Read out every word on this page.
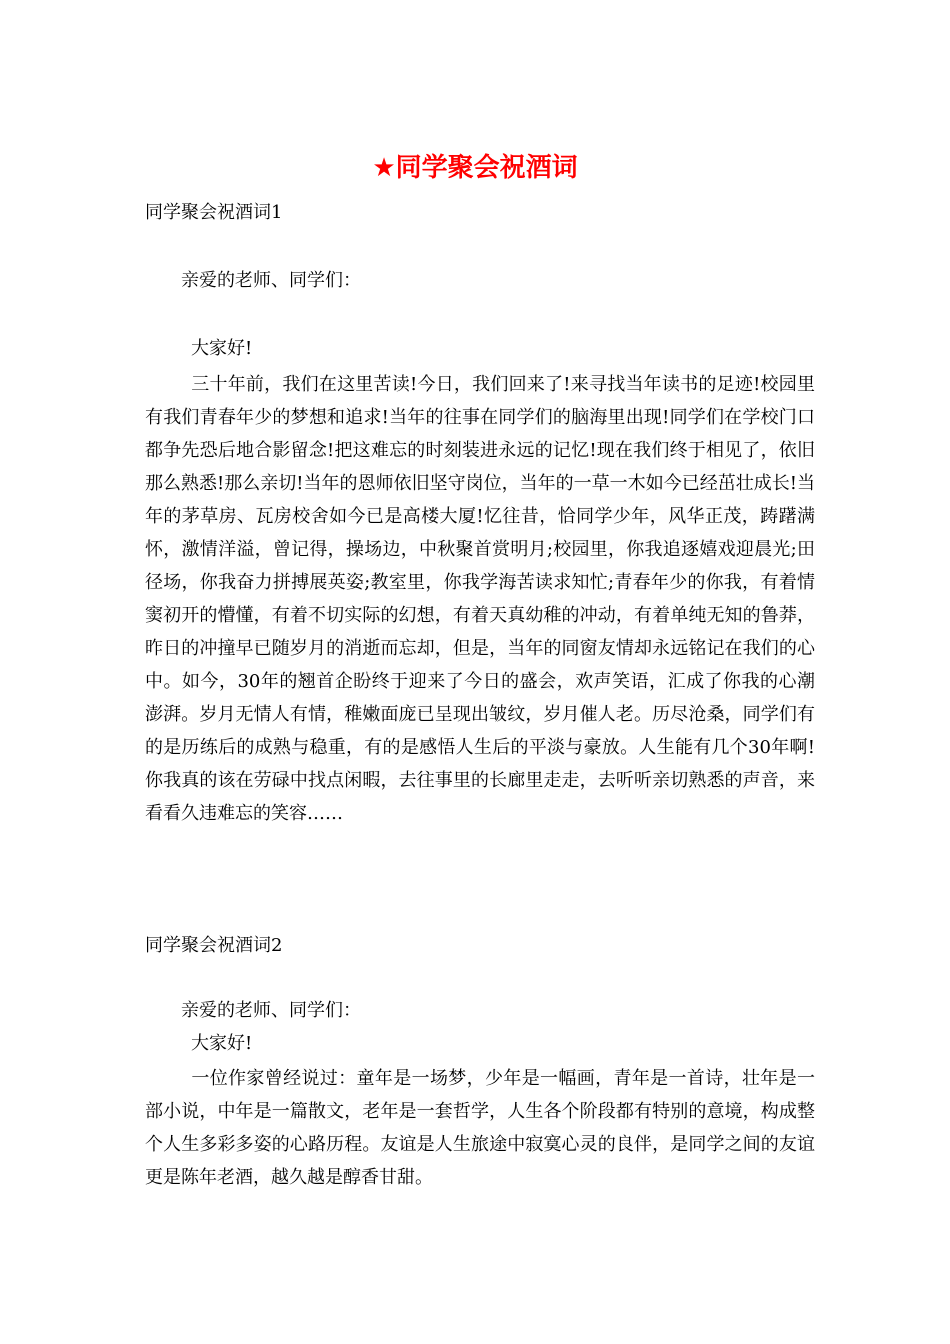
★同学聚会祝酒词
同学聚会祝酒词1
亲爱的老师、同学们：
大家好!
三十年前，我们在这里苦读!今日，我们回来了!来寻找当年读书的足迹!校园里有我们青春年少的梦想和追求!当年的往事在同学们的脑海里出现!同学们在学校门口都争先恐后地合影留念!把这难忘的时刻装进永远的记忆!现在我们终于相见了，依旧那么熟悉!那么亲切!当年的恩师依旧坚守岗位，当年的一草一木如今已经茁壮成长!当年的茅草房、瓦房校舍如今已是高楼大厦!忆往昔，恰同学少年，风华正茂，踌躇满怀，激情洋溢，曾记得，操场边，中秋聚首赏明月;校园里，你我追逐嬉戏迎晨光;田径场，你我奋力拼搏展英姿;教室里，你我学海苦读求知忙;青春年少的你我，有着情窦初开的懵懂，有着不切实际的幻想，有着天真幼稚的冲动，有着单纯无知的鲁莽，昨日的冲撞早已随岁月的消逝而忘却，但是，当年的同窗友情却永远铭记在我们的心中。如今，30年的翘首企盼终于迎来了今日的盛会，欢声笑语，汇成了你我的心潮澎湃。岁月无情人有情，稚嫩面庞已呈现出皱纹，岁月催人老。历尽沧桑，同学们有的是历练后的成熟与稳重，有的是感悟人生后的平淡与豪放。人生能有几个30年啊!你我真的该在劳碌中找点闲暇，去往事里的长廊里走走，去听听亲切熟悉的声音，来看看久违难忘的笑容……
同学聚会祝酒词2
亲爱的老师、同学们：
大家好!
一位作家曾经说过：童年是一场梦，少年是一幅画，青年是一首诗，壮年是一部小说，中年是一篇散文，老年是一套哲学，人生各个阶段都有特别的意境，构成整个人生多彩多姿的心路历程。友谊是人生旅途中寂寞心灵的良伴，是同学之间的友谊更是陈年老酒，越久越是醇香甘甜。
